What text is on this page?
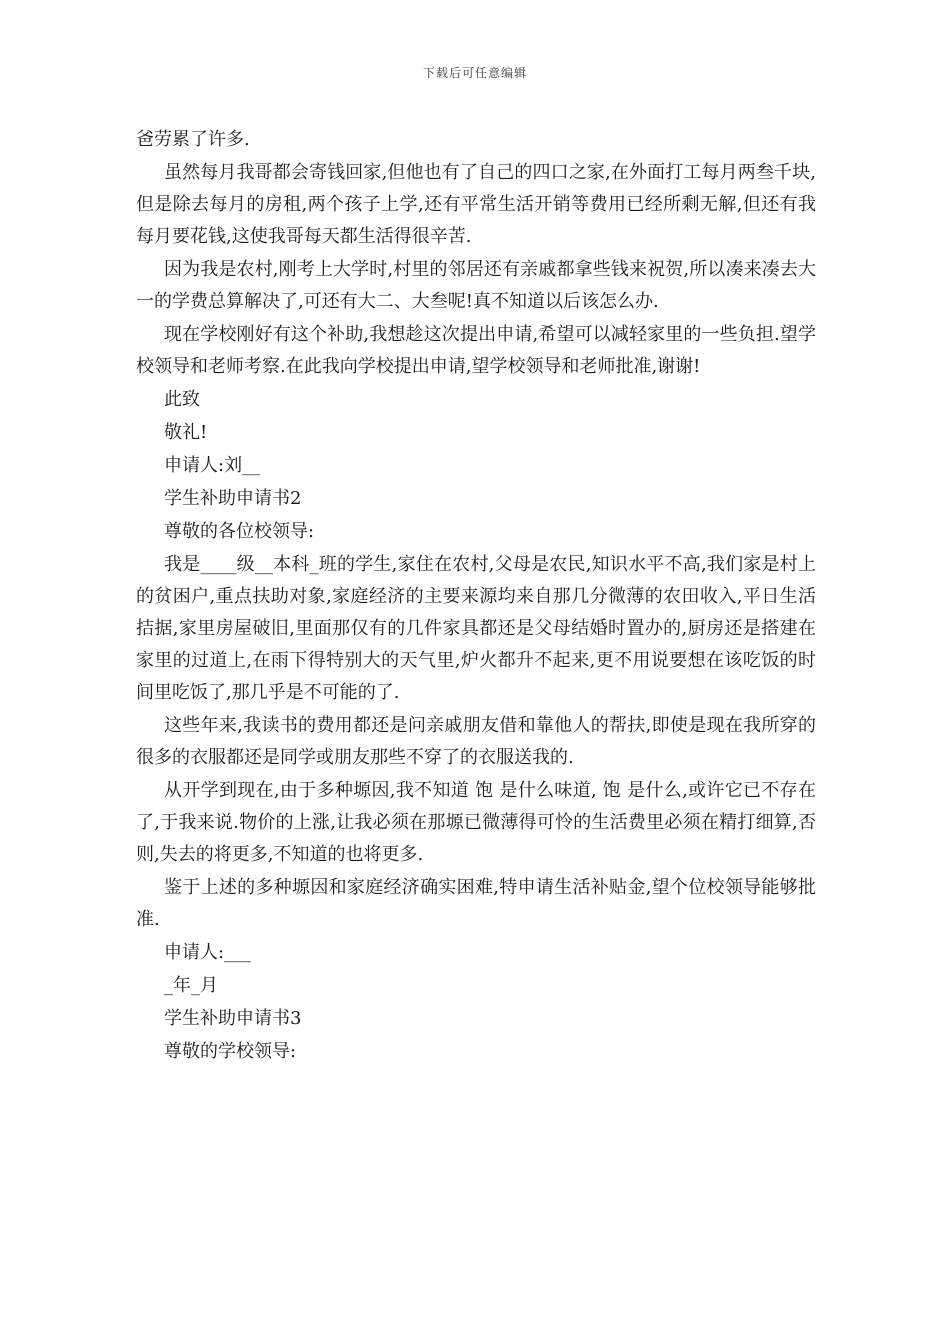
下载后可任意编辑

爸劳累了许多.

虽然每月我哥都会寄钱回家,但他也有了自己的四口之家,在外面打工每月两叁千块,但是除去每月的房租,两个孩子上学,还有平常生活开销等费用已经所剩无解,但还有我每月要花钱,这使我哥每天都生活得很辛苦.

因为我是农村,刚考上大学时,村里的邻居还有亲戚都拿些钱来祝贺,所以凑来凑去大一的学费总算解决了,可还有大二、大叁呢!真不知道以后该怎么办.

现在学校刚好有这个补助,我想趁这次提出申请,希望可以减轻家里的一些负担.望学校领导和老师考察.在此我向学校提出申请,望学校领导和老师批准,谢谢!

此致

敬礼!

申请人:刘__

学生补助申请书2

尊敬的各位校领导:

我是____级__本科_班的学生,家住在农村,父母是农民,知识水平不高,我们家是村上的贫困户,重点扶助对象,家庭经济的主要来源均来自那几分微薄的农田收入,平日生活拮据,家里房屋破旧,里面那仅有的几件家具都还是父母结婚时置办的,厨房还是搭建在家里的过道上,在雨下得特别大的天气里,炉火都升不起来,更不用说要想在该吃饭的时间里吃饭了,那几乎是不可能的了.

这些年来,我读书的费用都还是问亲戚朋友借和靠他人的帮扶,即使是现在我所穿的很多的衣服都还是同学或朋友那些不穿了的衣服送我的.

从开学到现在,由于多种塬因,我不知道 饱 是什么味道, 饱 是什么,或许它已不存在了,于我来说.物价的上涨,让我必须在那塬已微薄得可怜的生活费里必须在精打细算,否则,失去的将更多,不知道的也将更多.

鉴于上述的多种塬因和家庭经济确实困难,特申请生活补贴金,望个位校领导能够批准.

申请人:___

_年_月

学生补助申请书3

尊敬的学校领导:
